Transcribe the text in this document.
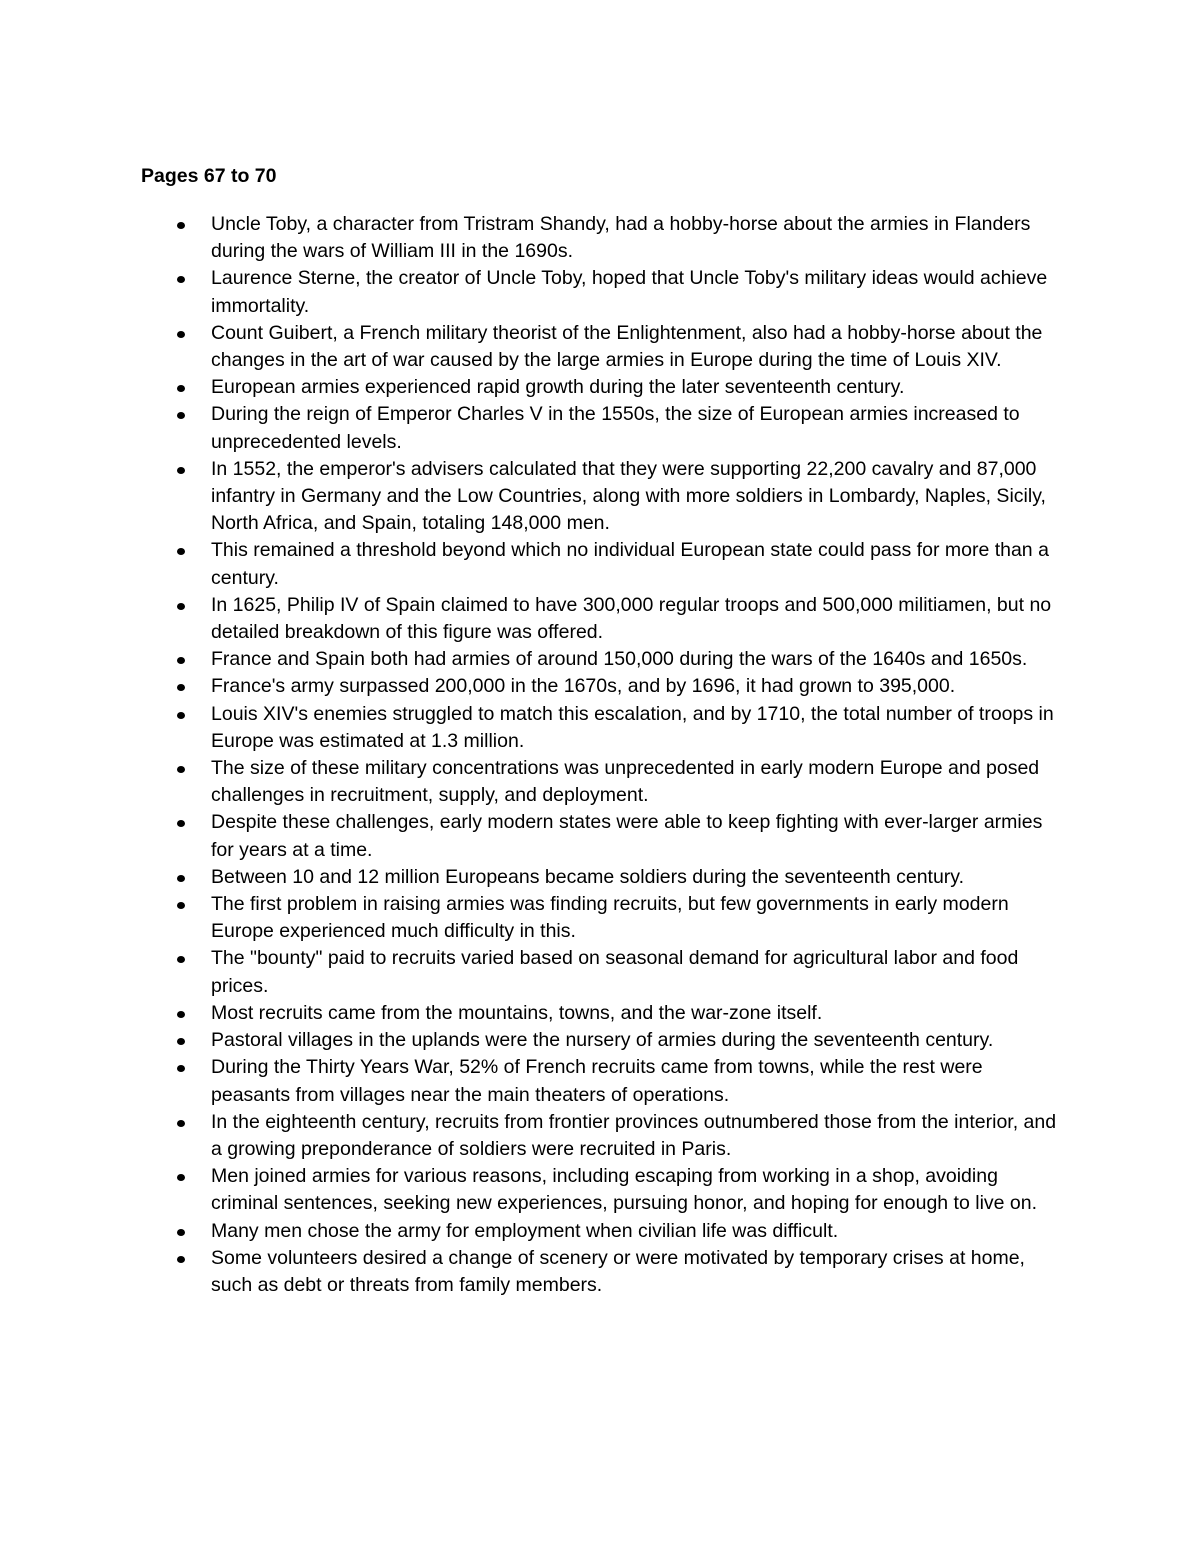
Pages 67 to 70
Uncle Toby, a character from Tristram Shandy, had a hobby-horse about the armies in Flanders during the wars of William III in the 1690s.
Laurence Sterne, the creator of Uncle Toby, hoped that Uncle Toby's military ideas would achieve immortality.
Count Guibert, a French military theorist of the Enlightenment, also had a hobby-horse about the changes in the art of war caused by the large armies in Europe during the time of Louis XIV.
European armies experienced rapid growth during the later seventeenth century.
During the reign of Emperor Charles V in the 1550s, the size of European armies increased to unprecedented levels.
In 1552, the emperor's advisers calculated that they were supporting 22,200 cavalry and 87,000 infantry in Germany and the Low Countries, along with more soldiers in Lombardy, Naples, Sicily, North Africa, and Spain, totaling 148,000 men.
This remained a threshold beyond which no individual European state could pass for more than a century.
In 1625, Philip IV of Spain claimed to have 300,000 regular troops and 500,000 militiamen, but no detailed breakdown of this figure was offered.
France and Spain both had armies of around 150,000 during the wars of the 1640s and 1650s.
France's army surpassed 200,000 in the 1670s, and by 1696, it had grown to 395,000.
Louis XIV's enemies struggled to match this escalation, and by 1710, the total number of troops in Europe was estimated at 1.3 million.
The size of these military concentrations was unprecedented in early modern Europe and posed challenges in recruitment, supply, and deployment.
Despite these challenges, early modern states were able to keep fighting with ever-larger armies for years at a time.
Between 10 and 12 million Europeans became soldiers during the seventeenth century.
The first problem in raising armies was finding recruits, but few governments in early modern Europe experienced much difficulty in this.
The "bounty" paid to recruits varied based on seasonal demand for agricultural labor and food prices.
Most recruits came from the mountains, towns, and the war-zone itself.
Pastoral villages in the uplands were the nursery of armies during the seventeenth century.
During the Thirty Years War, 52% of French recruits came from towns, while the rest were peasants from villages near the main theaters of operations.
In the eighteenth century, recruits from frontier provinces outnumbered those from the interior, and a growing preponderance of soldiers were recruited in Paris.
Men joined armies for various reasons, including escaping from working in a shop, avoiding criminal sentences, seeking new experiences, pursuing honor, and hoping for enough to live on.
Many men chose the army for employment when civilian life was difficult.
Some volunteers desired a change of scenery or were motivated by temporary crises at home, such as debt or threats from family members.
